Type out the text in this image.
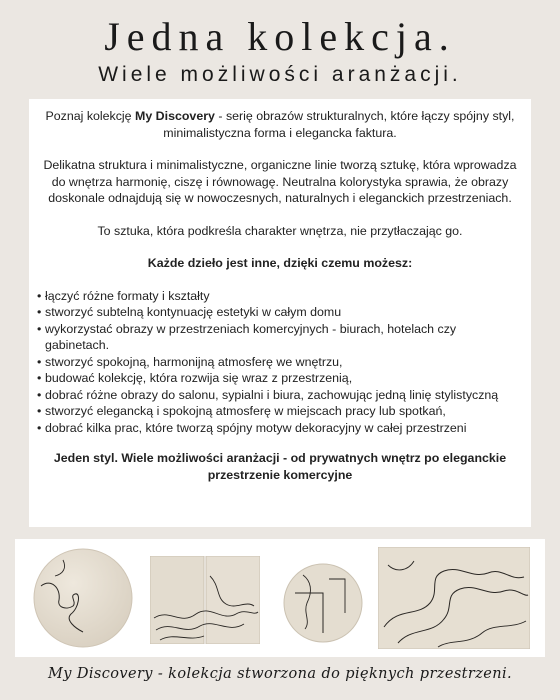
Jedna kolekcja.
Wiele możliwości aranżacji.

Poznaj kolekcję My Discovery - serię obrazów strukturalnych, które łączy spójny styl, minimalistyczna forma i elegancka faktura.

Delikatna struktura i minimalistyczne, organiczne linie tworzą sztukę, która wprowadza do wnętrza harmonię, ciszę i równowagę. Neutralna kolorystyka sprawia, że obrazy doskonale odnajdują się w nowoczesnych, naturalnych i eleganckich przestrzeniach.

To sztuka, która podkreśla charakter wnętrza, nie przytłaczając go.

Każde dzieło jest inne, dzięki czemu możesz:

• łączyć różne formaty i kształty
• stworzyć subtelną kontynuację estetyki w całym domu
• wykorzystać obrazy w przestrzeniach komercyjnych - biurach, hotelach czy gabinetach.
• stworzyć spokojną, harmonijną atmosferę we wnętrzu,
• budować kolekcję, która rozwija się wraz z przestrzenią,
• dobrać różne obrazy do salonu, sypialni i biura, zachowując jedną linię stylistyczną
• stworzyć elegancką i spokojną atmosferę w miejscach pracy lub spotkań,
• dobrać kilka prac, które tworzą spójny motyw dekoracyjny w całej przestrzeni

Jeden styl. Wiele możliwości aranżacji - od prywatnych wnętrz po eleganckie przestrzenie komercyjne

My Discovery - kolekcja stworzona do pięknych przestrzeni.
